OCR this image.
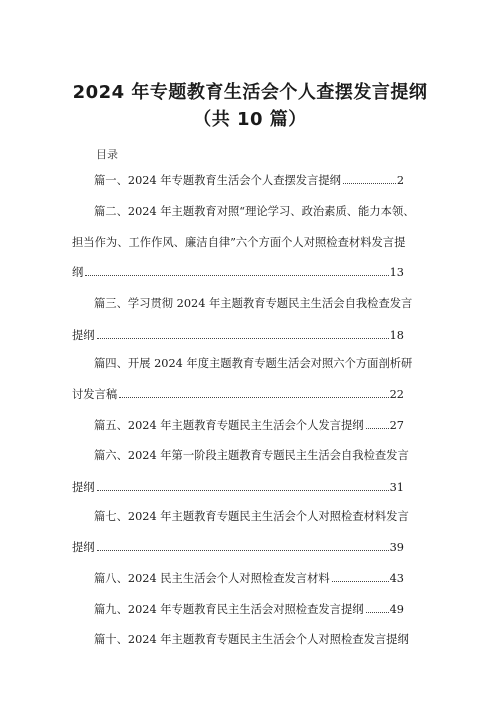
2024 年专题教育生活会个人查摆发言提纲
（共 10 篇）
目录
篇一、2024 年专题教育生活会个人查摆发言提纲	2
篇二、2024 年主题教育对照“理论学习、政治素质、能力本领、
担当作为、工作作风、廉洁自律”六个方面个人对照检查材料发言提
纲	13
篇三、学习贯彻 2024 年主题教育专题民主生活会自我检查发言
提纲	18
篇四、开展 2024 年度主题教育专题生活会对照六个方面剖析研
讨发言稿	22
篇五、2024 年主题教育专题民主生活会个人发言提纲 27
篇六、2024 年第一阶段主题教育专题民主生活会自我检查发言
提纲	31
篇七、2024 年主题教育专题民主生活会个人对照检查材料发言
提纲	39
篇八、2024 民主生活会个人对照检查发言材料	43
篇九、2024 年专题教育民主生活会对照检查发言提纲 49
篇十、2024 年主题教育专题民主生活会个人对照检查发言提纲
